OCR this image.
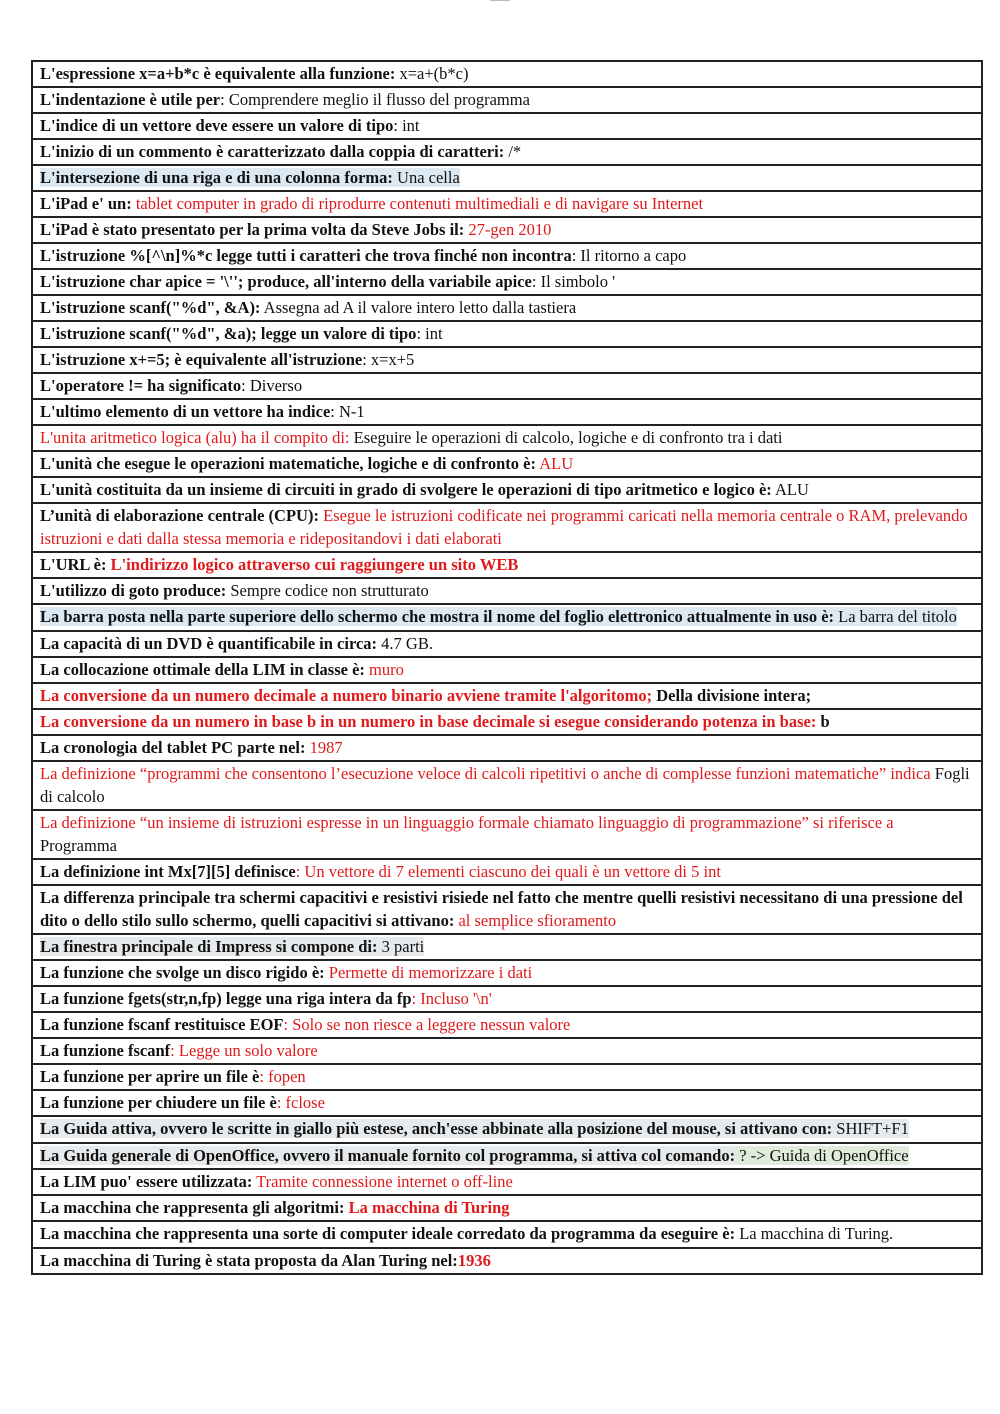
L'espressione x=a+b*c è equivalente alla funzione: x=a+(b*c)
L'indentazione è utile per: Comprendere meglio il flusso del programma
L'indice di un vettore deve essere un valore di tipo: int
L'inizio di un commento è caratterizzato dalla coppia di caratteri: /*
L'intersezione di una riga e di una colonna forma: Una cella
L'iPad e' un: tablet computer in grado di riprodurre contenuti multimediali e di navigare su Internet
L'iPad è stato presentato per la prima volta da Steve Jobs il: 27-gen 2010
L'istruzione %[^\n]%*c legge tutti i caratteri che trova finché non incontra: Il ritorno a capo
L'istruzione char apice = '\''; produce, all'interno della variabile apice: Il simbolo '
L'istruzione scanf("%d", &A): Assegna ad A il valore intero letto dalla tastiera
L'istruzione scanf("%d", &a); legge un valore di tipo: int
L'istruzione x+=5; è equivalente all'istruzione: x=x+5
L'operatore != ha significato: Diverso
L'ultimo elemento di un vettore ha indice: N-1
L'unita aritmetico logica (alu) ha il compito di: Eseguire le operazioni di calcolo, logiche e di confronto tra i dati
L'unità che esegue le operazioni matematiche, logiche e di confronto è: ALU
L'unità costituita da un insieme di circuiti in grado di svolgere le operazioni di tipo aritmetico e logico è: ALU
L’unità di elaborazione centrale (CPU): Esegue le istruzioni codificate nei programmi caricati nella memoria centrale o RAM, prelevando istruzioni e dati dalla stessa memoria e ridepositandovi i dati elaborati
L'URL è: L'indirizzo logico attraverso cui raggiungere un sito WEB
L'utilizzo di goto produce: Sempre codice non strutturato
La barra posta nella parte superiore dello schermo che mostra il nome del foglio elettronico attualmente in uso è: La barra del titolo
La capacità di un DVD è quantificabile in circa: 4.7 GB.
La collocazione ottimale della LIM in classe è: muro
La conversione da un numero decimale a numero binario avviene tramite l'algoritomo; Della divisione intera;
La conversione da un numero in base b in un numero in base decimale si esegue considerando potenza in base: b
La cronologia del tablet PC parte nel: 1987
La definizione “programmi che consentono l’esecuzione veloce di calcoli ripetitivi o anche di complesse funzioni matematiche” indica Fogli di calcolo
La definizione “un insieme di istruzioni espresse in un linguaggio formale chiamato linguaggio di programmazione” si riferisce a Programma
La definizione int Mx[7][5] definisce: Un vettore di 7 elementi ciascuno dei quali è un vettore di 5 int
La differenza principale tra schermi capacitivi e resistivi risiede nel fatto che mentre quelli resistivi necessitano di una pressione del dito o dello stilo sullo schermo, quelli capacitivi si attivano: al semplice sfioramento
La finestra principale di Impress si compone di: 3 parti
La funzione che svolge un disco rigido è: Permette di memorizzare i dati
La funzione fgets(str,n,fp) legge una riga intera da fp: Incluso '\n'
La funzione fscanf restituisce EOF: Solo se non riesce a leggere nessun valore
La funzione fscanf: Legge un solo valore
La funzione per aprire un file è: fopen
La funzione per chiudere un file è: fclose
La Guida attiva, ovvero le scritte in giallo più estese, anch'esse abbinate alla posizione del mouse, si attivano con: SHIFT+F1
La Guida generale di OpenOffice, ovvero il manuale fornito col programma, si attiva col comando: ? -> Guida di OpenOffice
La LIM puo' essere utilizzata: Tramite connessione internet o off-line
La macchina che rappresenta gli algoritmi: La macchina di Turing
La macchina che rappresenta una sorte di computer ideale corredato da programma da eseguire è: La macchina di Turing.
La macchina di Turing è stata proposta da Alan Turing nel:1936
